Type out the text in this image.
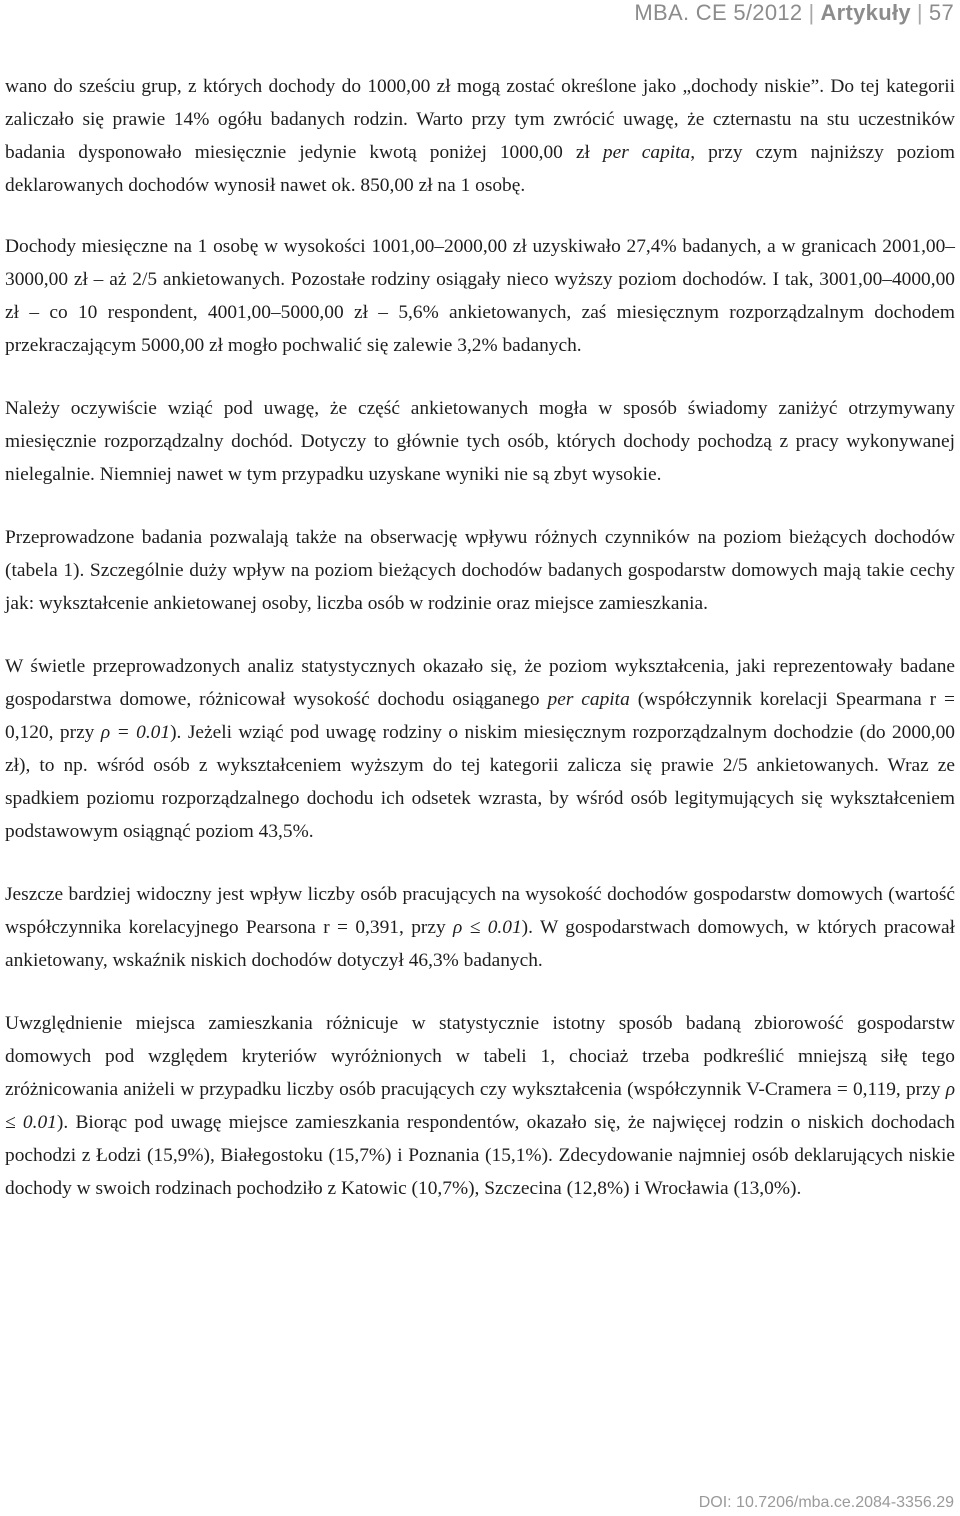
MBA. CE 5/2012 | Artykuły | 57

wano do sześciu grup, z których dochody do 1000,00 zł mogą zostać określone jako „dochody niskie”. Do tej kategorii zaliczało się prawie 14% ogółu badanych rodzin. Warto przy tym zwrócić uwagę, że czternastu na stu uczestników badania dysponowało miesięcznie jedynie kwotą poniżej 1000,00 zł per capita, przy czym najniższy poziom deklarowanych dochodów wynosił nawet ok. 850,00 zł na 1 osobę.

Dochody miesięczne na 1 osobę w wysokości 1001,00–2000,00 zł uzyskiwało 27,4% badanych, a w granicach 2001,00–3000,00 zł – aż 2/5 ankietowanych. Pozostałe rodziny osiągały nieco wyższy poziom dochodów. I tak, 3001,00–4000,00 zł – co 10 respondent, 4001,00–5000,00 zł – 5,6% ankietowanych, zaś miesięcznym rozporządzalnym dochodem przekraczającym 5000,00 zł mogło pochwalić się zalewie 3,2% badanych.

Należy oczywiście wziąć pod uwagę, że część ankietowanych mogła w sposób świadomy zaniżyć otrzymywany miesięcznie rozporządzalny dochód. Dotyczy to głównie tych osób, których dochody pochodzą z pracy wykonywanej nielegalnie. Niemniej nawet w tym przypadku uzyskane wyniki nie są zbyt wysokie.

Przeprowadzone badania pozwalają także na obserwację wpływu różnych czynników na poziom bieżących dochodów (tabela 1). Szczególnie duży wpływ na poziom bieżących dochodów badanych gospodarstw domowych mają takie cechy jak: wykształcenie ankietowanej osoby, liczba osób w rodzinie oraz miejsce zamieszkania.

W świetle przeprowadzonych analiz statystycznych okazało się, że poziom wykształcenia, jaki reprezentowały badane gospodarstwa domowe, różnicował wysokość dochodu osiąganego per capita (współczynnik korelacji Spearmana r = 0,120, przy ρ = 0.01). Jeżeli wziąć pod uwagę rodziny o niskim miesięcznym rozporządzalnym dochodzie (do 2000,00 zł), to np. wśród osób z wykształceniem wyższym do tej kategorii zalicza się prawie 2/5 ankietowanych. Wraz ze spadkiem poziomu rozporządzalnego dochodu ich odsetek wzrasta, by wśród osób legitymujących się wykształceniem podstawowym osiągnąć poziom 43,5%.

Jeszcze bardziej widoczny jest wpływ liczby osób pracujących na wysokość dochodów gospodarstw domowych (wartość współczynnika korelacyjnego Pearsona r = 0,391, przy ρ ≤ 0.01). W gospodarstwach domowych, w których pracował ankietowany, wskaźnik niskich dochodów dotyczył 46,3% badanych.

Uwzględnienie miejsca zamieszkania różnicuje w statystycznie istotny sposób badaną zbiorowość gospodarstw domowych pod względem kryteriów wyróżnionych w tabeli 1, chociaż trzeba podkreślić mniejszą siłę tego zróżnicowania aniżeli w przypadku liczby osób pracujących czy wykształcenia (współczynnik V-Cramera = 0,119, przy ρ ≤ 0.01). Biorąc pod uwagę miejsce zamieszkania respondentów, okazało się, że najwięcej rodzin o niskich dochodach pochodzi z Łodzi (15,9%), Białegostoku (15,7%) i Poznania (15,1%). Zdecydowanie najmniej osób deklarujących niskie dochody w swoich rodzinach pochodziło z Katowic (10,7%), Szczecina (12,8%) i Wrocławia (13,0%).

DOI: 10.7206/mba.ce.2084-3356.29
